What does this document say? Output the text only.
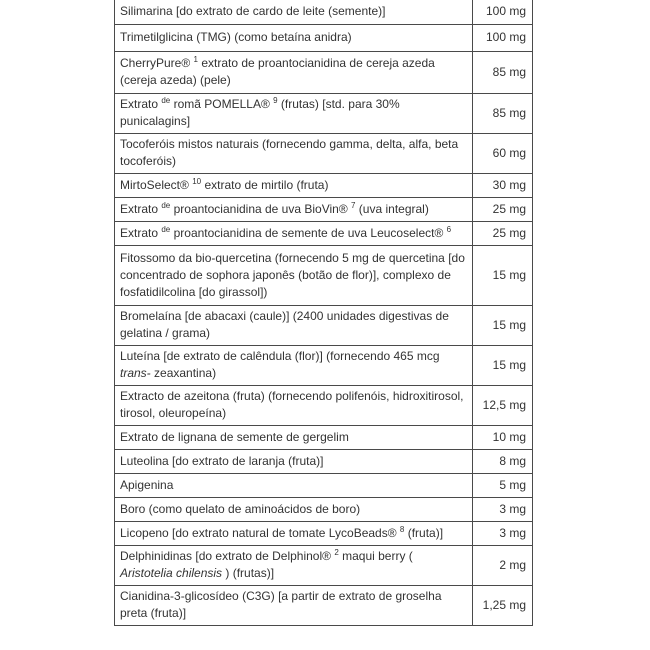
Silimarina [do extrato de cardo de leite (semente)]	100 mg
Trimetilglicina (TMG) (como betaína anidra)	100 mg
CherryPure® $^1$ extrato de proantocianidina de cereja azeda (cereja azeda) (pele)	85 mg
Extrato $^{de}$ romã POMELLA® $^9$ (frutas) [std. para 30% punicalagins]	85 mg
Tocoferóis mistos naturais (fornecendo gamma, delta, alfa, beta tocoferóis)	60 mg
MirtoSelect® $^{10}$ extrato de mirtilo (fruta)	30 mg
Extrato $^{de}$ proantocianidina de uva BioVin® $^7$ (uva integral)	25 mg
Extrato $^{de}$ proantocianidina de semente de uva Leucoselect® $^6$	25 mg
Fitossomo da bio-quercetina (fornecendo 5 mg de quercetina [do concentrado de sophora japonês (botão de flor)], complexo de fosfatidilcolina [do girassol])	15 mg
Bromelaína [de abacaxi (caule)] (2400 unidades digestivas de gelatina / grama)	15 mg
Luteína [de extrato de calêndula (flor)] (fornecendo 465 mcg trans- zeaxantina)	15 mg
Extracto de azeitona (fruta) (fornecendo polifenóis, hidroxitirosol, tirosol, oleuropeína)	12,5 mg
Extrato de lignana de semente de gergelim	10 mg
Luteolina [do extrato de laranja (fruta)]	8 mg
Apigenina	5 mg
Boro (como quelato de aminoácidos de boro)	3 mg
Licopeno [do extrato natural de tomate LycoBeads® $^8$ (fruta)]	3 mg
Delphinidinas [do extrato de Delphinol® $^2$ maqui berry ( Aristotelia chilensis ) (frutas)]	2 mg
Cianidina-3-glicosídeo (C3G) [a partir de extrato de groselha preta (fruta)]	1,25 mg
